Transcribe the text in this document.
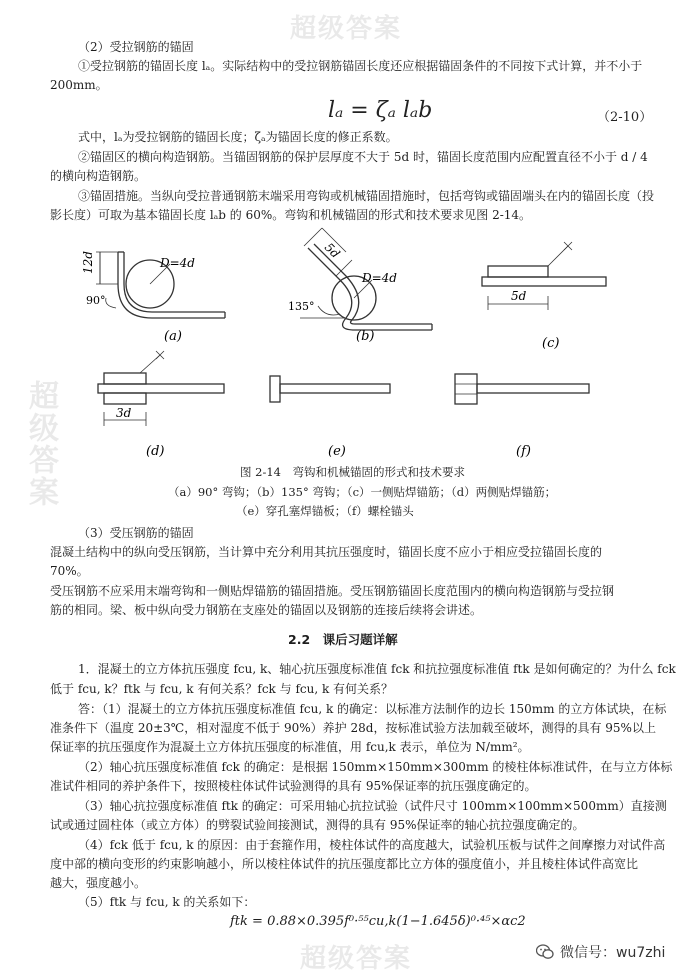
超级答案
超级答案
超级答案
（2）受拉钢筋的锚固
①受拉钢筋的锚固长度 lₐ。实际结构中的受拉钢筋锚固长度还应根据锚固条件的不同按下式计算，并不小于
200mm。
lₐ = ζₐ lₐb	（2-10）
式中，lₐ为受拉钢筋的锚固长度；ζₐ为锚固长度的修正系数。
②锚固区的横向构造钢筋。当锚固钢筋的保护层厚度不大于 5d 时，锚固长度范围内应配置直径不小于 d / 4
的横向构造钢筋。
③锚固措施。当纵向受拉普通钢筋末端采用弯钩或机械锚固措施时，包括弯钩或锚固端头在内的锚固长度（投
影长度）可取为基本锚固长度 lₐb 的 60%。弯钩和机械锚固的形式和技术要求见图 2-14。
12d	D=4d
90°
5d
D=4d
135°
5d
3d
(a)	(b)	(c)
(d)	(e)	(f)
图 2-14　弯钩和机械锚固的形式和技术要求
（a）90° 弯钩；（b）135° 弯钩；（c）一侧贴焊锚筋；（d）两侧贴焊锚筋；
（e）穿孔塞焊锚板；（f）螺栓锚头
（3）受压钢筋的锚固
混凝土结构中的纵向受压钢筋，当计算中充分利用其抗压强度时，锚固长度不应小于相应受拉锚固长度的
70%。
受压钢筋不应采用末端弯钩和一侧贴焊锚筋的锚固措施。受压钢筋锚固长度范围内的横向构造钢筋与受拉钢
筋的相同。梁、板中纵向受力钢筋在支座处的锚固以及钢筋的连接后续将会讲述。
2.2　课后习题详解
1．混凝土的立方体抗压强度 fcu, k、轴心抗压强度标准值 fck 和抗拉强度标准值 ftk 是如何确定的？为什么 fck
低于 fcu, k？ftk 与 fcu, k 有何关系？fck 与 fcu, k 有何关系？
答：（1）混凝土的立方体抗压强度标准值 fcu, k 的确定：以标准方法制作的边长 150mm 的立方体试块，在标
准条件下（温度 20±3℃，相对湿度不低于 90%）养护 28d，按标准试验方法加载至破坏，测得的具有 95%以上
保证率的抗压强度作为混凝土立方体抗压强度的标准值，用 fcu,k 表示，单位为 N/mm²。
（2）轴心抗压强度标准值 fck 的确定：是根据 150mm×150mm×300mm 的棱柱体标准试件，在与立方体标
准试件相同的养护条件下，按照棱柱体试件试验测得的具有 95%保证率的抗压强度确定的。
（3）轴心抗拉强度标准值 ftk 的确定：可采用轴心抗拉试验（试件尺寸 100mm×100mm×500mm）直接测
试或通过圆柱体（或立方体）的劈裂试验间接测试，测得的具有 95%保证率的轴心抗拉强度确定的。
（4）fck 低于 fcu, k 的原因：由于套箍作用，棱柱体试件的高度越大，试验机压板与试件之间摩擦力对试件高
度中部的横向变形的约束影响越小，所以棱柱体试件的抗压强度都比立方体的强度值小，并且棱柱体试件高宽比
越大，强度越小。
（5）ftk 与 fcu, k 的关系如下：
ftk = 0.88×0.395f⁰·⁵⁵cu,k(1−1.645δ)⁰·⁴⁵×αc2
微信号：wu7zhi
